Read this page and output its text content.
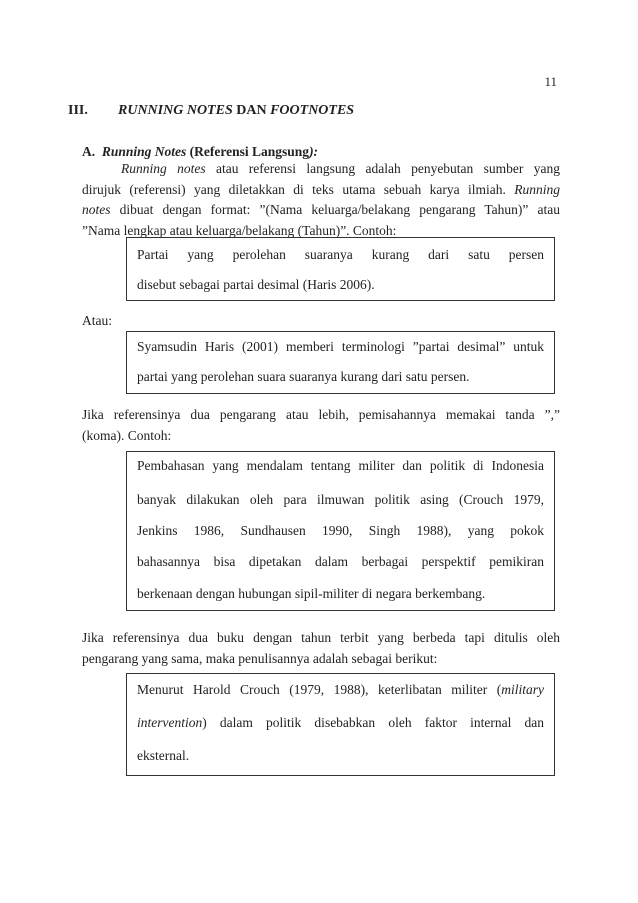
11
III. RUNNING NOTES DAN FOOTNOTES
A. Running Notes (Referensi Langsung):
Running notes atau referensi langsung adalah penyebutan sumber yang
dirujuk (referensi) yang diletakkan di teks utama sebuah karya ilmiah. Running
notes dibuat dengan format: ”(Nama keluarga/belakang pengarang Tahun)” atau
”Nama lengkap atau keluarga/belakang (Tahun)”. Contoh:
Partai yang perolehan suaranya kurang dari satu persen
disebut sebagai partai desimal (Haris 2006).
Atau:
Syamsudin Haris (2001) memberi terminologi ”partai desimal” untuk
partai yang perolehan suara suaranya kurang dari satu persen.
Jika referensinya dua pengarang atau lebih, pemisahannya memakai tanda ”,”
(koma). Contoh:
Pembahasan yang mendalam tentang militer dan politik di Indonesia
banyak dilakukan oleh para ilmuwan politik asing (Crouch 1979,
Jenkins 1986, Sundhausen 1990, Singh 1988), yang pokok
bahasannya bisa dipetakan dalam berbagai perspektif pemikiran
berkenaan dengan hubungan sipil-militer di negara berkembang.
Jika referensinya dua buku dengan tahun terbit yang berbeda tapi ditulis oleh
pengarang yang sama, maka penulisannya adalah sebagai berikut:
Menurut Harold Crouch (1979, 1988), keterlibatan militer (military
intervention) dalam politik disebabkan oleh faktor internal dan
eksternal.
